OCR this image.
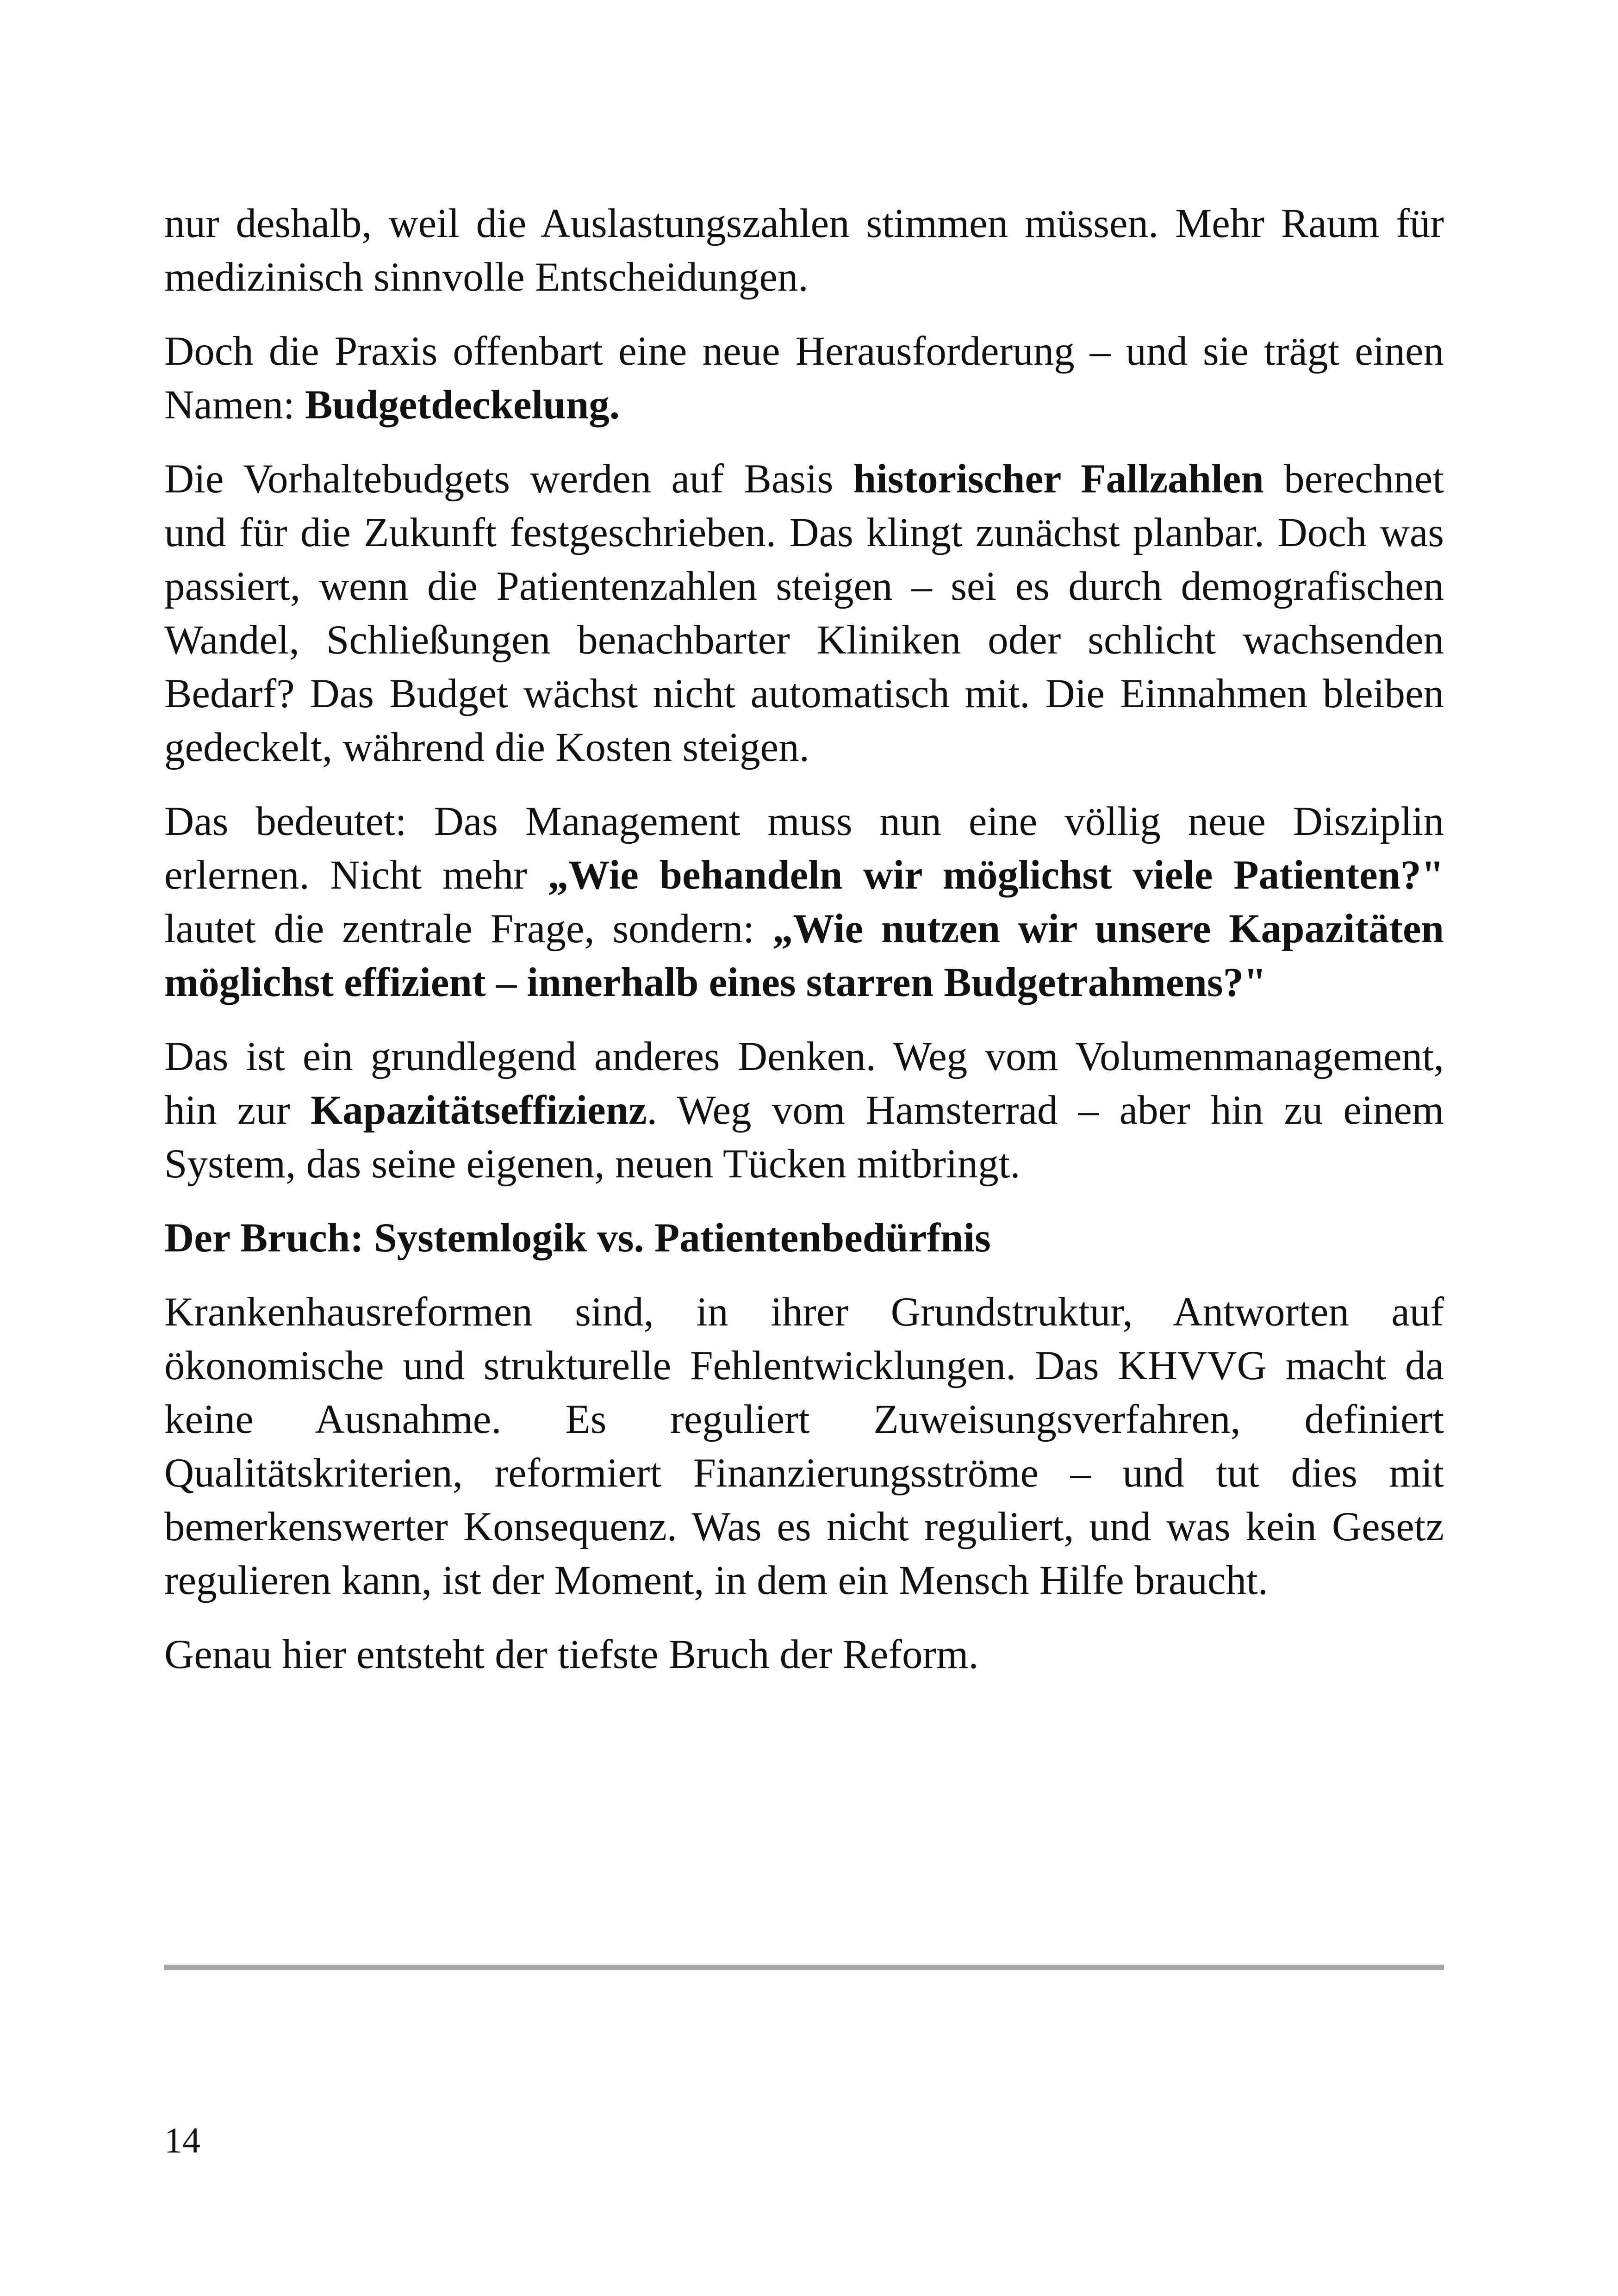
nur deshalb, weil die Auslastungszahlen stimmen müssen. Mehr Raum für medizinisch sinnvolle Entscheidungen.

Doch die Praxis offenbart eine neue Herausforderung – und sie trägt einen Namen: Budgetdeckelung.

Die Vorhaltebudgets werden auf Basis historischer Fallzahlen berechnet und für die Zukunft festgeschrieben. Das klingt zunächst planbar. Doch was passiert, wenn die Patientenzahlen steigen – sei es durch demografischen Wandel, Schließungen benachbarter Kliniken oder schlicht wachsenden Bedarf? Das Budget wächst nicht automatisch mit. Die Einnahmen bleiben gedeckelt, während die Kosten steigen.

Das bedeutet: Das Management muss nun eine völlig neue Disziplin erlernen. Nicht mehr „Wie behandeln wir möglichst viele Patienten?" lautet die zentrale Frage, sondern: „Wie nutzen wir unsere Kapazitäten möglichst effizient – innerhalb eines starren Budgetrahmens?"

Das ist ein grundlegend anderes Denken. Weg vom Volumenmanagement, hin zur Kapazitätseffizienz. Weg vom Hamsterrad – aber hin zu einem System, das seine eigenen, neuen Tücken mitbringt.

Der Bruch: Systemlogik vs. Patientenbedürfnis

Krankenhausreformen sind, in ihrer Grundstruktur, Antworten auf ökonomische und strukturelle Fehlentwicklungen. Das KHVVG macht da keine Ausnahme. Es reguliert Zuweisungsverfahren, definiert Qualitätskriterien, reformiert Finanzierungsströme – und tut dies mit bemerkenswerter Konsequenz. Was es nicht reguliert, und was kein Gesetz regulieren kann, ist der Moment, in dem ein Mensch Hilfe braucht.

Genau hier entsteht der tiefste Bruch der Reform.

14
